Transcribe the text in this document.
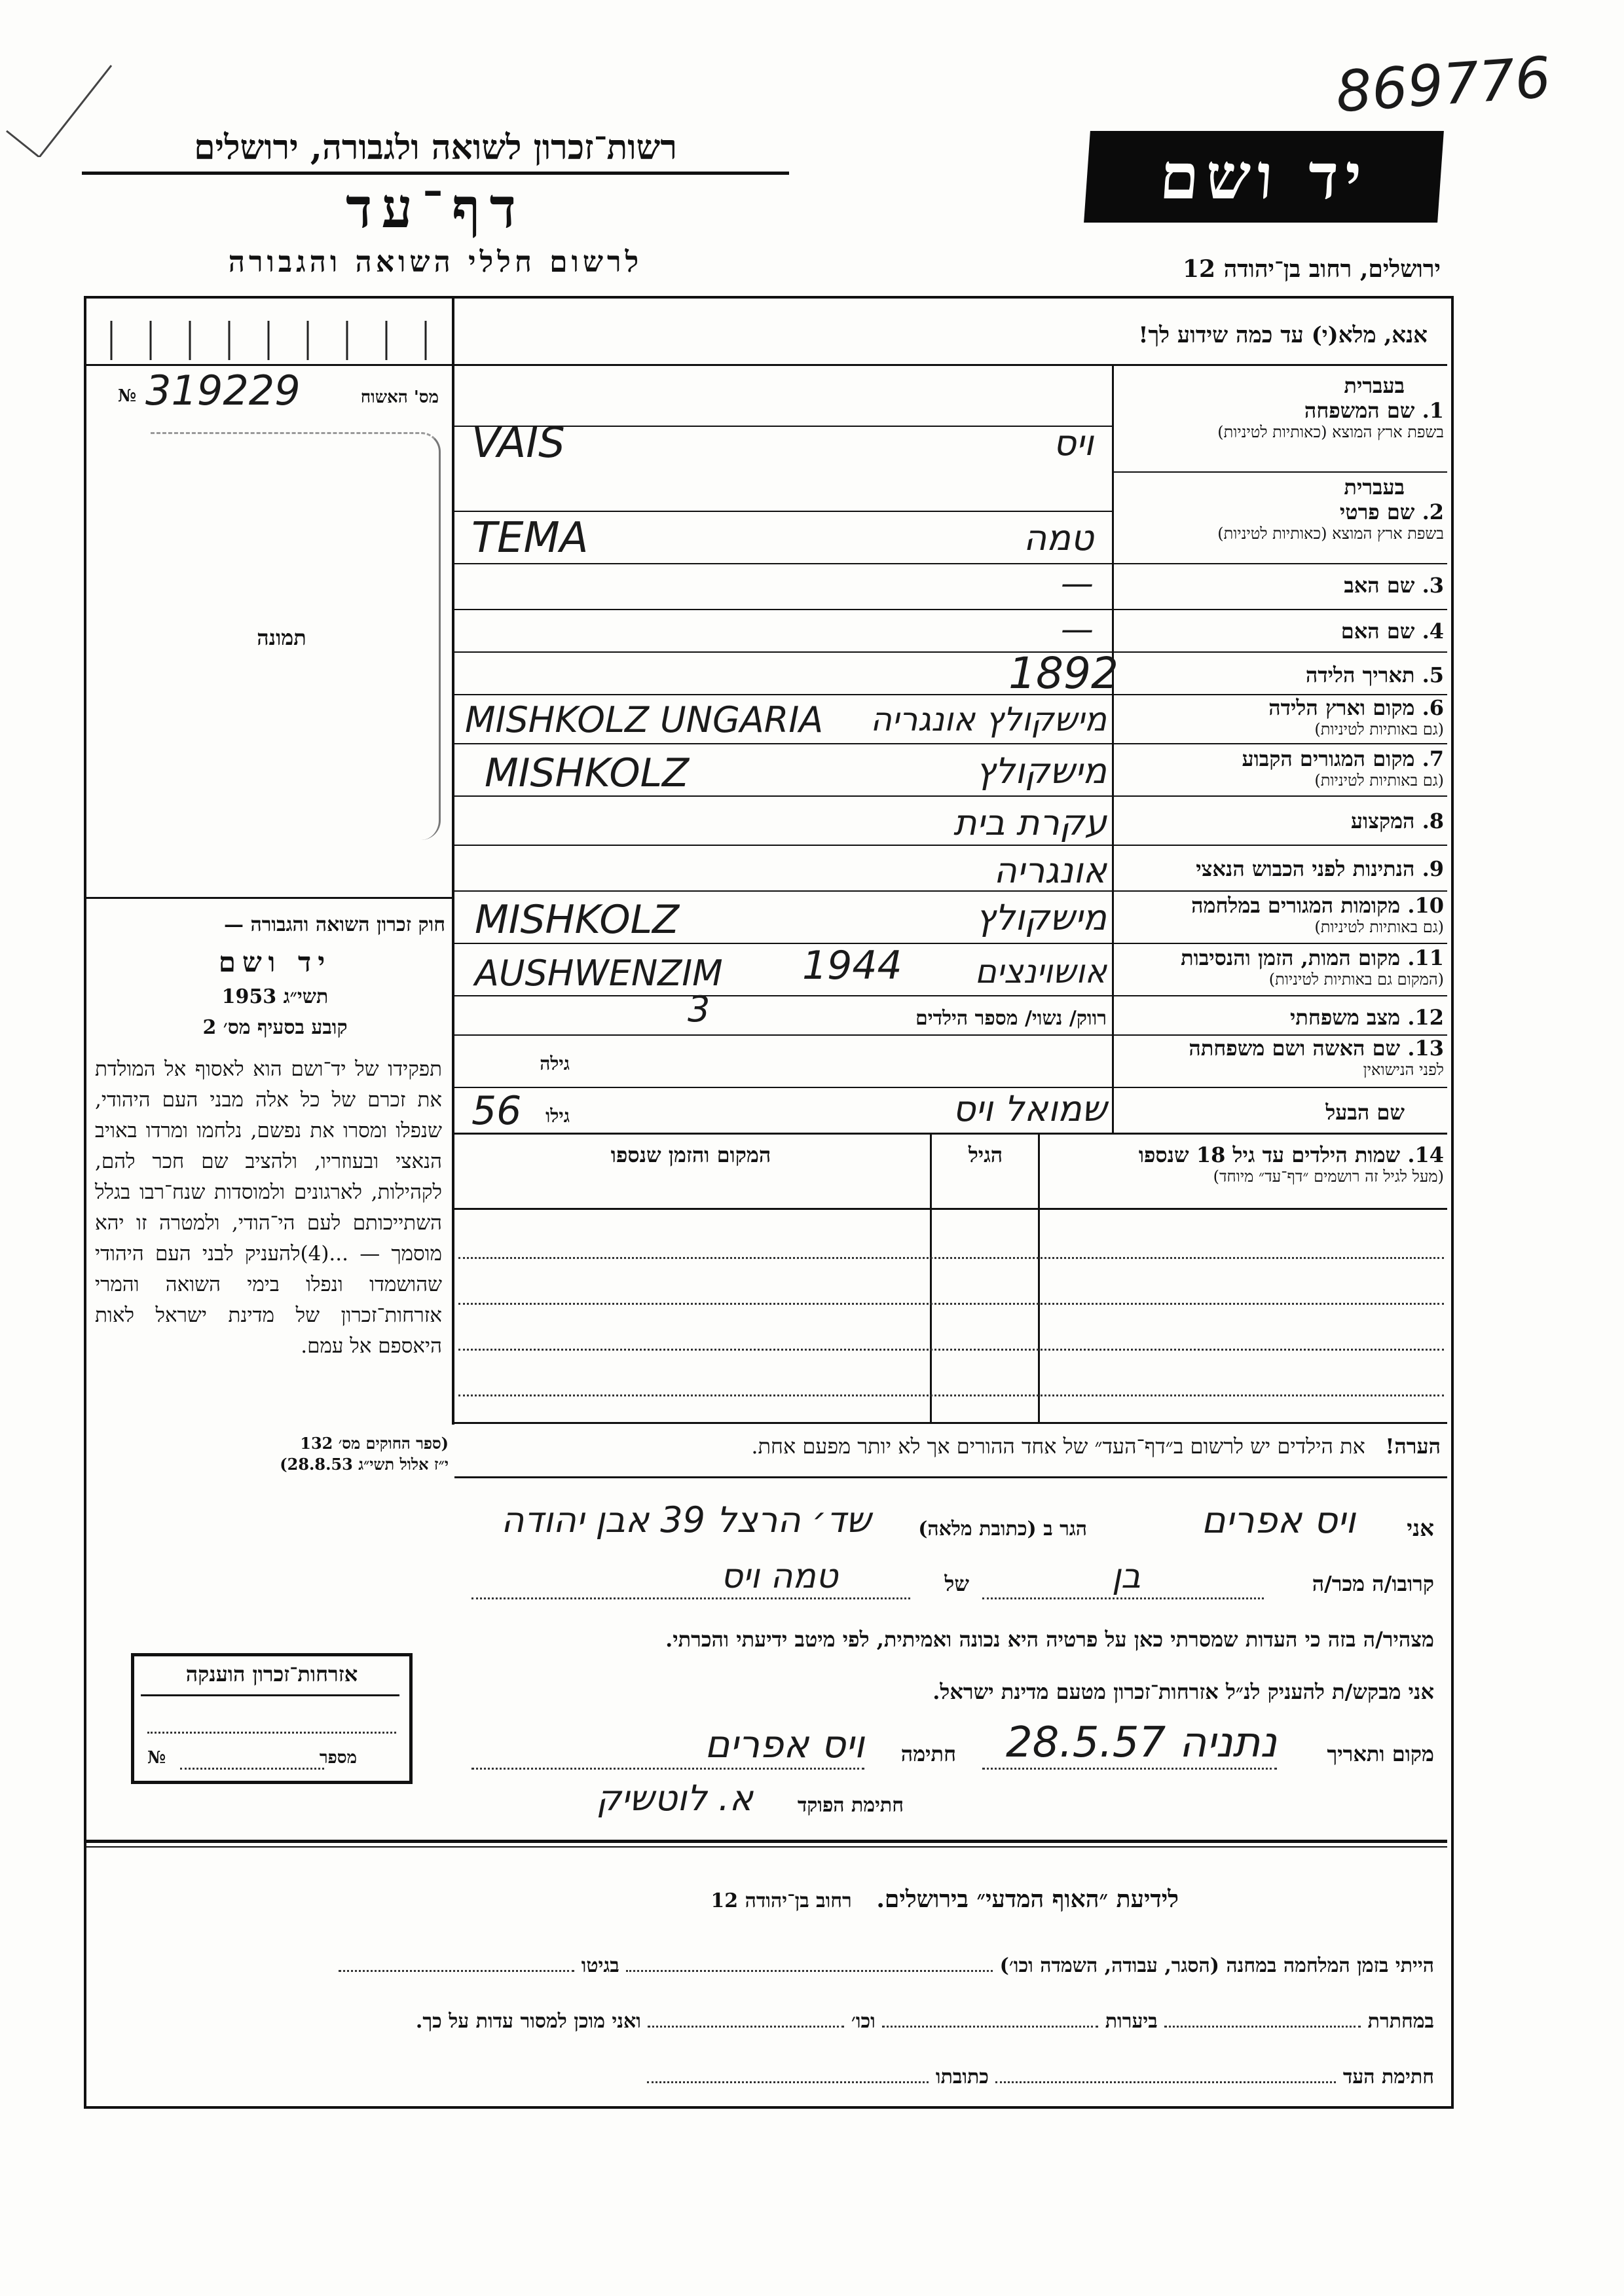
869776
רשות־זכרון לשואה ולגבורה, ירושלים
דף־עד
לרשום חללי השואה והגבורה
יד ושם
ירושלים, רחוב בן־יהודה 12
אנא, מלא(י) עד כמה שידוע לך!
№ 319229	מס' האשוח
תמונה
חוק זכרון השואה והגבורה —
יד ושם
תשי״ג 1953
קובע בסעיף מס׳ 2
תפקידו של יד־ושם הוא לאסוף אל המולדת את זכרם של כל אלה מבני העם היהודי, שנפלו ומסרו את נפשם, נלחמו ומרדו באויב הנאצי ובעוזריו, ולהציב שם חכר להם, לקהילות, לארגונים ולמוסדות שנח־רבו בגלל השתייכותם לעם הי־הודי, ולמטרה זו יהא מוסמך — ...(4)להעניק לבני העם היהודי שהושמדו ונפלו בימי השואה והמרי אזרחות־זכרון של מדינת ישראל לאות היאספם אל עמם.
(ספר החוקים מס׳ 132
י״ז אלול תשי״ג 28.8.53)
בעברית
1. שם המשפחה
בשפת ארץ המוצא (כאותיות לטיניות)
VAIS	ויס
בעברית
2. שם פרטי
בשפת ארץ המוצא (כאותיות לטיניות)
TEMA	טמה
3. שם האב
—
4. שם האם
—
5. תאריך הלידה
1892
6. מקום וארץ הלידה
(גם באותיות לטיניות)
MISHKOLZ UNGARIA	מישקולץ אונגריה
7. מקום המגורים הקבוע
(גם באותיות לטיניות)
MISHKOLZ	מישקולץ
8. המקצוע
עקרת בית
9. הנתינות לפני הכבוש הנאצי
אונגריה
10. מקומות המגורים במלחמה
(גם באותיות לטיניות)
MISHKOLZ	מישקולץ
11. מקום המות, הזמן והנסיבות
(המקום גם באותיות לטיניות)
AUSHWENZIM 1944	אושוינצים
12. מצב משפחתי
רווק/ נשוי/ מספר הילדים
3
13. שם האשה ושם משפחתה
לפני הנישואין
גילה
שם הבעל
שמואל ויס
גילו
56
14. שמות הילדים עד גיל 18 שנספו
(מעל לגיל זה רושמים ״דף־עד״ מיוחד)
הגיל
המקום והזמן שנספו
הערה!   את הילדים יש לרשום ב״דף־העד״ של אחד ההורים אך לא יותר מפעם אחת.
אני
ויס אפרים
הגר ב (כתובת מלאה)
שד׳ הרצל 39 אבן יהודה
קרובו/ה מכר/ה
בן
של
טמה ויס
מצהיר/ה בזה כי העדות שמסרתי כאן על פרטיה היא נכונה ואמיתית, לפי מיטב ידיעתי והכרתי.
אני מבקש/ת להעניק לנ״ל אזרחות־זכרון מטעם מדינת ישראל.
מקום ותאריך
נתניה 28.5.57
חתימה
ויס אפרים
חתימת הפוקד
א. לוטשיק
אזרחות־זכרון הוענקה
מספר
№
לידיעת ״האוף המדעי״ בירושלים.   רחוב בן־יהודה 12
הייתי בזמן המלחמה במחנה (הסגר, עבודה, השמדה וכו׳)  בגיטו
במחתרת  ביערות  וכו׳  ואני מוכן למסור עדות על כך.
חתימת העד  כתובתו
